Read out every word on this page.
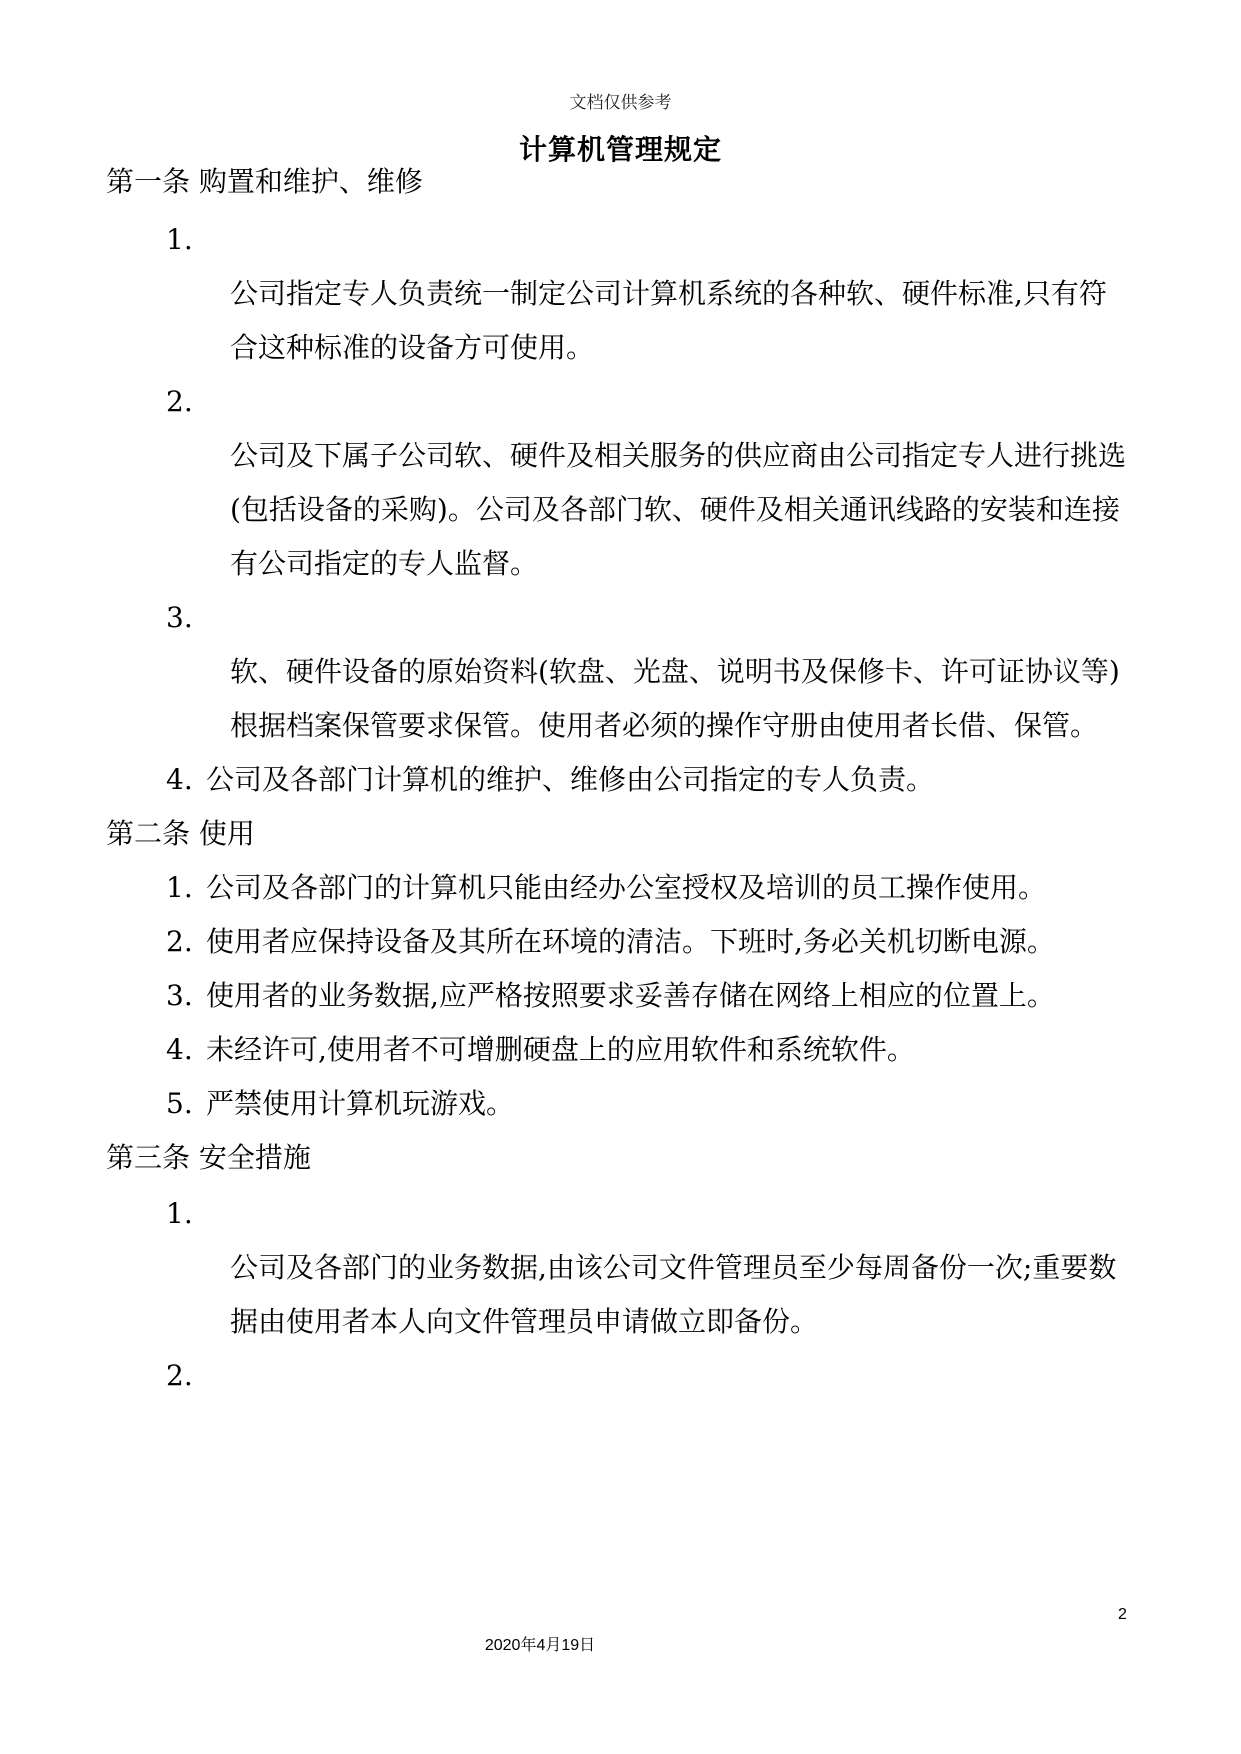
文档仅供参考
计算机管理规定
第一条 购置和维护、维修
1.
公司指定专人负责统一制定公司计算机系统的各种软、硬件标准,只有符
合这种标准的设备方可使用。
2.
公司及下属子公司软、硬件及相关服务的供应商由公司指定专人进行挑选
(包括设备的采购)。公司及各部门软、硬件及相关通讯线路的安装和连接
有公司指定的专人监督。
3.
软、硬件设备的原始资料(软盘、光盘、说明书及保修卡、许可证协议等)
根据档案保管要求保管。使用者必须的操作守册由使用者长借、保管。
4. 公司及各部门计算机的维护、维修由公司指定的专人负责。
第二条 使用
1. 公司及各部门的计算机只能由经办公室授权及培训的员工操作使用。
2. 使用者应保持设备及其所在环境的清洁。下班时,务必关机切断电源。
3. 使用者的业务数据,应严格按照要求妥善存储在网络上相应的位置上。
4. 未经许可,使用者不可增删硬盘上的应用软件和系统软件。
5. 严禁使用计算机玩游戏。
第三条 安全措施
1.
公司及各部门的业务数据,由该公司文件管理员至少每周备份一次;重要数
据由使用者本人向文件管理员申请做立即备份。
2.
2
2020年4月19日
